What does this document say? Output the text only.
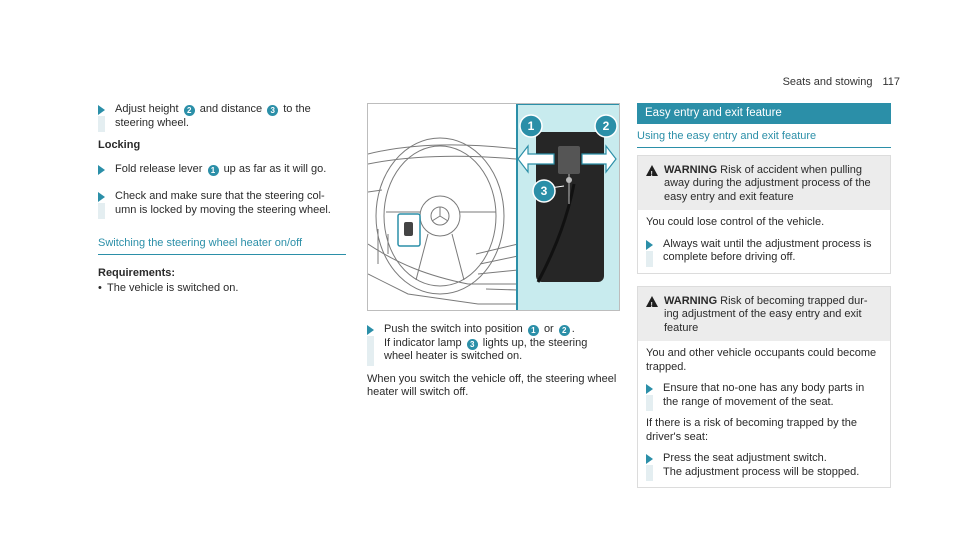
Seats and stowing 117
Adjust height 2 and distance 3 to the
steering wheel.
Locking
Fold release lever 1 up as far as it will go.
Check and make sure that the steering col-
umn is locked by moving the steering wheel.
Switching the steering wheel heater on/off
Requirements:
• The vehicle is switched on.
1	2
3
Push the switch into position 1 or 2 .
If indicator lamp 3 lights up, the steering
wheel heater is switched on.
When you switch the vehicle off, the steering wheel heater will switch off.
Easy entry and exit feature
Using the easy entry and exit feature
! WARNING Risk of accident when pulling away during the adjustment process of the easy entry and exit feature
You could lose control of the vehicle.
Always wait until the adjustment process is complete before driving off.
! WARNING Risk of becoming trapped dur- ing adjustment of the easy entry and exit feature
You and other vehicle occupants could become trapped.
Ensure that no-one has any body parts in the range of movement of the seat.
If there is a risk of becoming trapped by the driver's seat:
Press the seat adjustment switch.
The adjustment process will be stopped.
